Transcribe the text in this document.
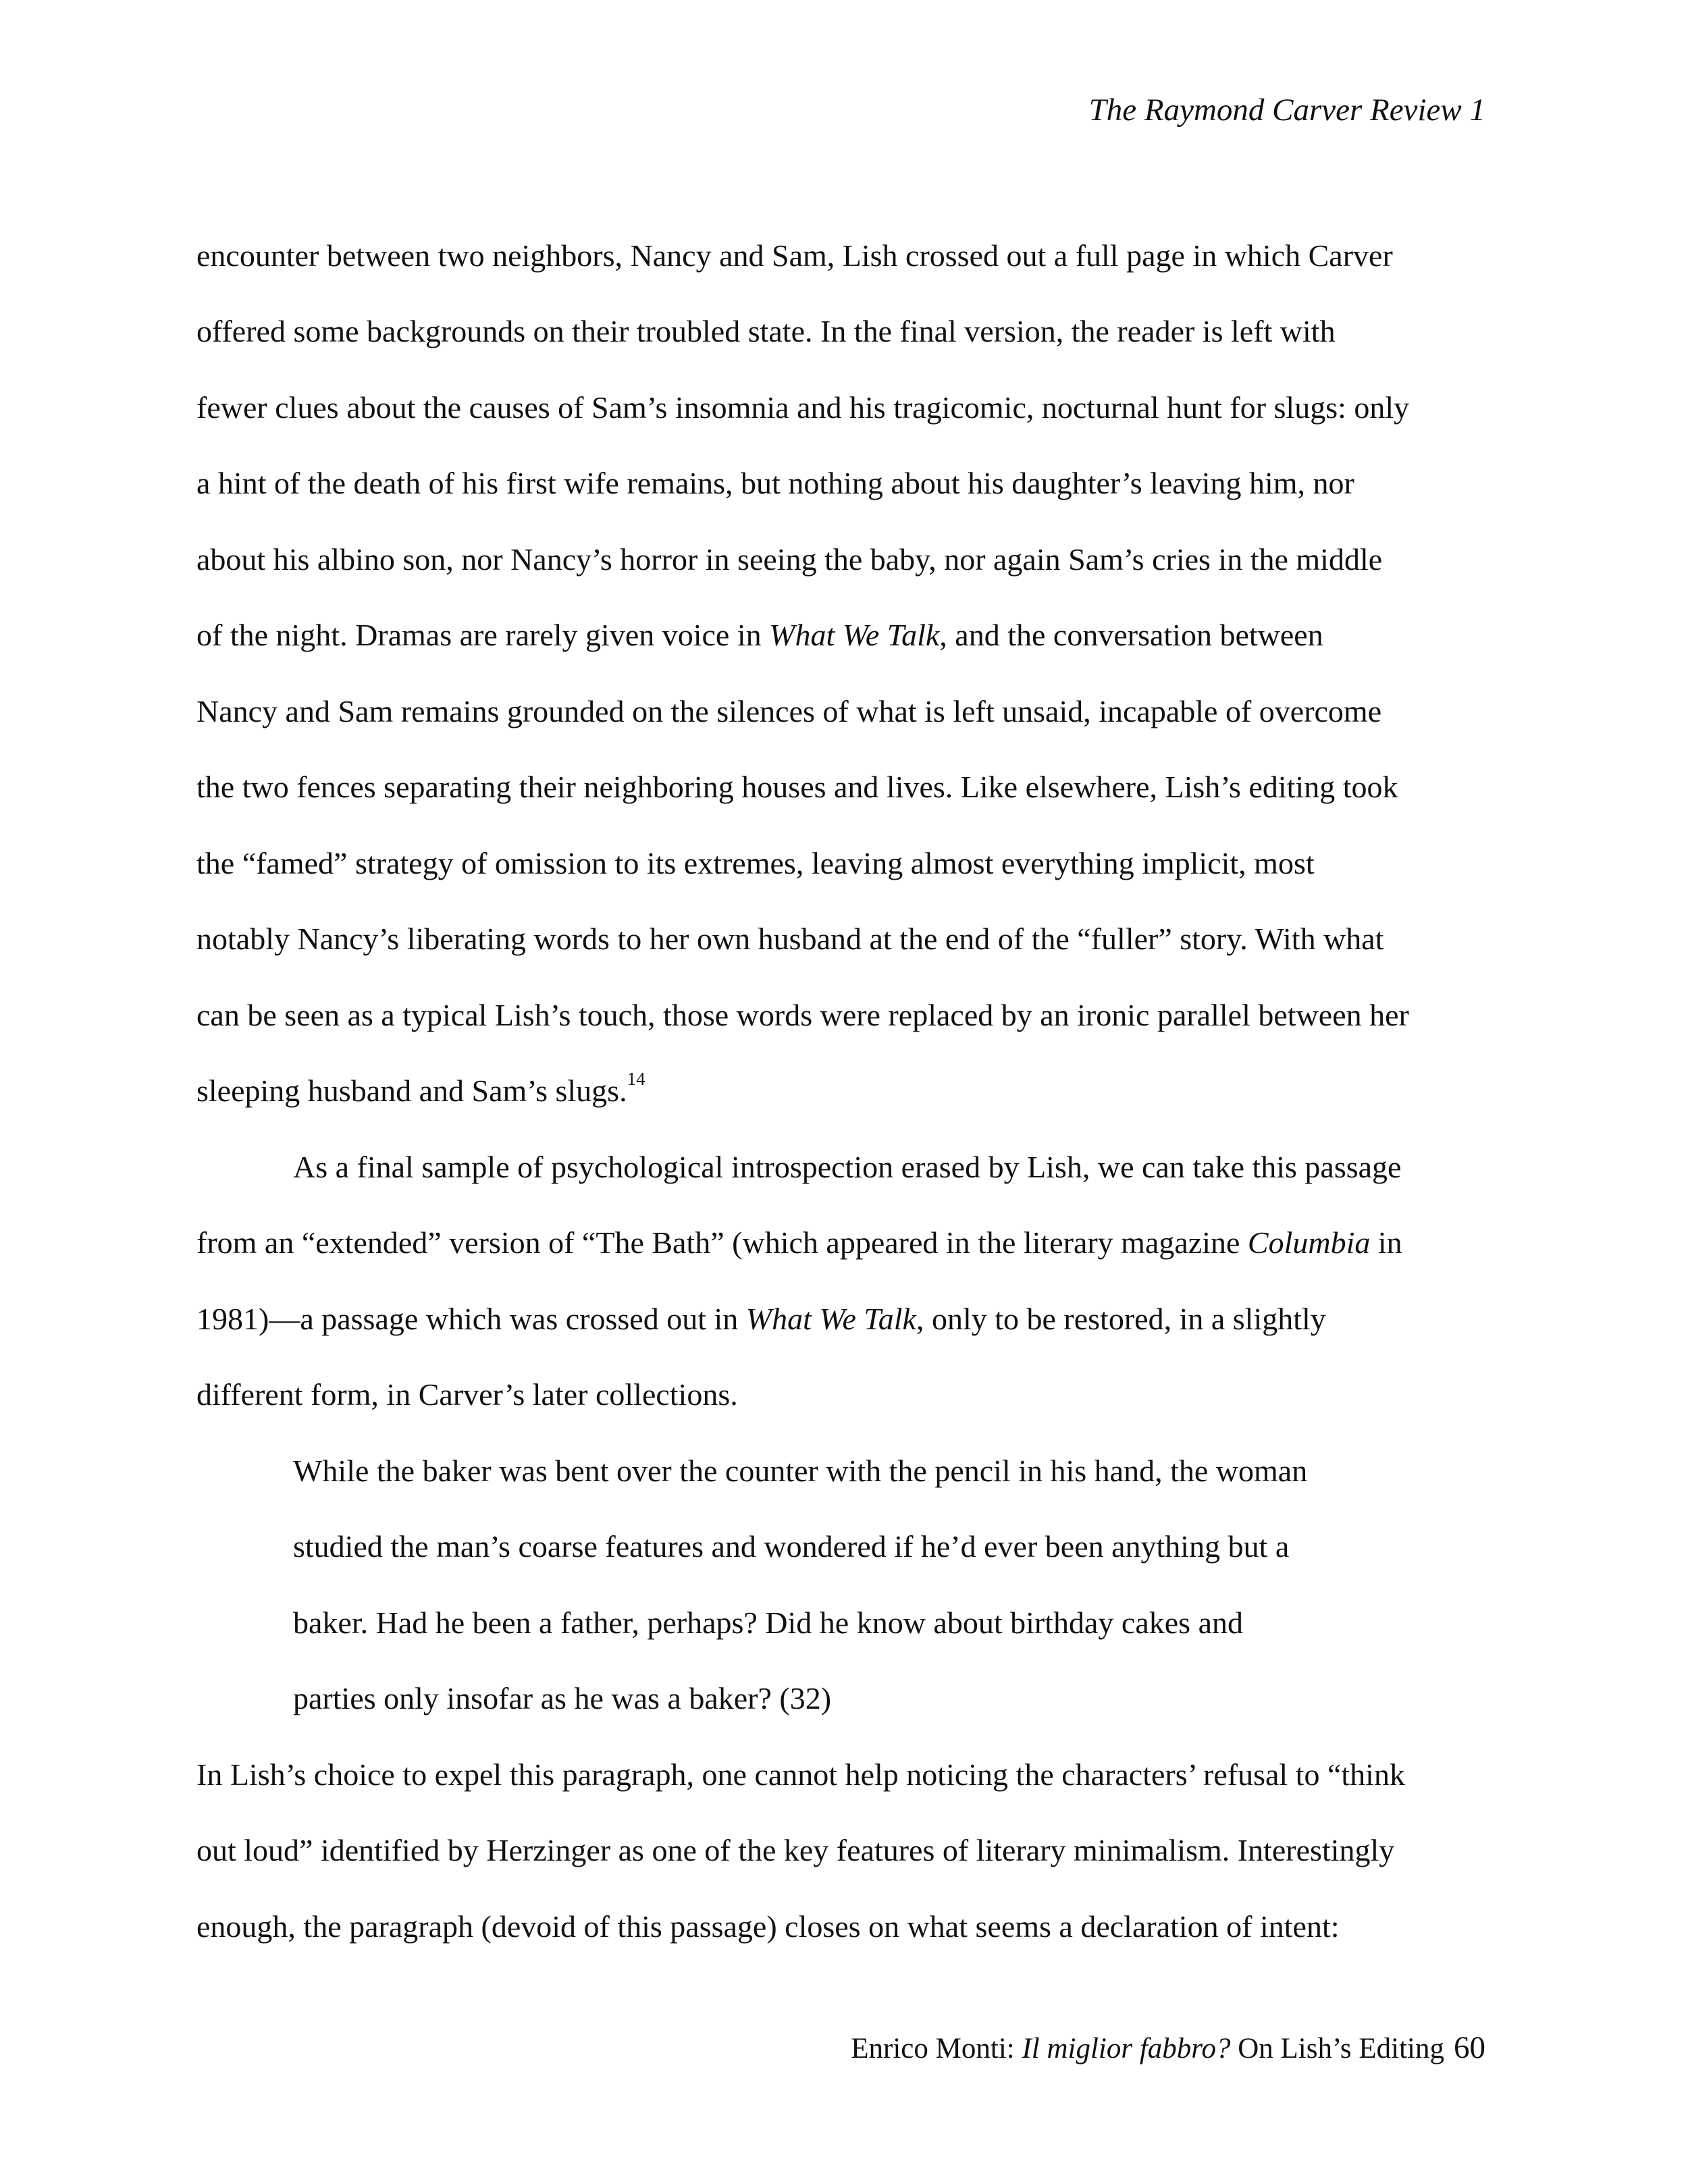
The Raymond Carver Review 1
encounter between two neighbors, Nancy and Sam, Lish crossed out a full page in which Carver
offered some backgrounds on their troubled state. In the final version, the reader is left with
fewer clues about the causes of Sam’s insomnia and his tragicomic, nocturnal hunt for slugs: only
a hint of the death of his first wife remains, but nothing about his daughter’s leaving him, nor
about his albino son, nor Nancy’s horror in seeing the baby, nor again Sam’s cries in the middle
of the night. Dramas are rarely given voice in What We Talk, and the conversation between
Nancy and Sam remains grounded on the silences of what is left unsaid, incapable of overcome
the two fences separating their neighboring houses and lives. Like elsewhere, Lish’s editing took
the “famed” strategy of omission to its extremes, leaving almost everything implicit, most
notably Nancy’s liberating words to her own husband at the end of the “fuller” story. With what
can be seen as a typical Lish’s touch, those words were replaced by an ironic parallel between her
sleeping husband and Sam’s slugs.$^{14}$
As a final sample of psychological introspection erased by Lish, we can take this passage
from an “extended” version of “The Bath” (which appeared in the literary magazine Columbia in
1981)—a passage which was crossed out in What We Talk, only to be restored, in a slightly
different form, in Carver’s later collections.
While the baker was bent over the counter with the pencil in his hand, the woman
studied the man’s coarse features and wondered if he’d ever been anything but a
baker. Had he been a father, perhaps? Did he know about birthday cakes and
parties only insofar as he was a baker? (32)
In Lish’s choice to expel this paragraph, one cannot help noticing the characters’ refusal to “think
out loud” identified by Herzinger as one of the key features of literary minimalism. Interestingly
enough, the paragraph (devoid of this passage) closes on what seems a declaration of intent:
Enrico Monti: Il miglior fabbro? On Lish’s Editing 60
